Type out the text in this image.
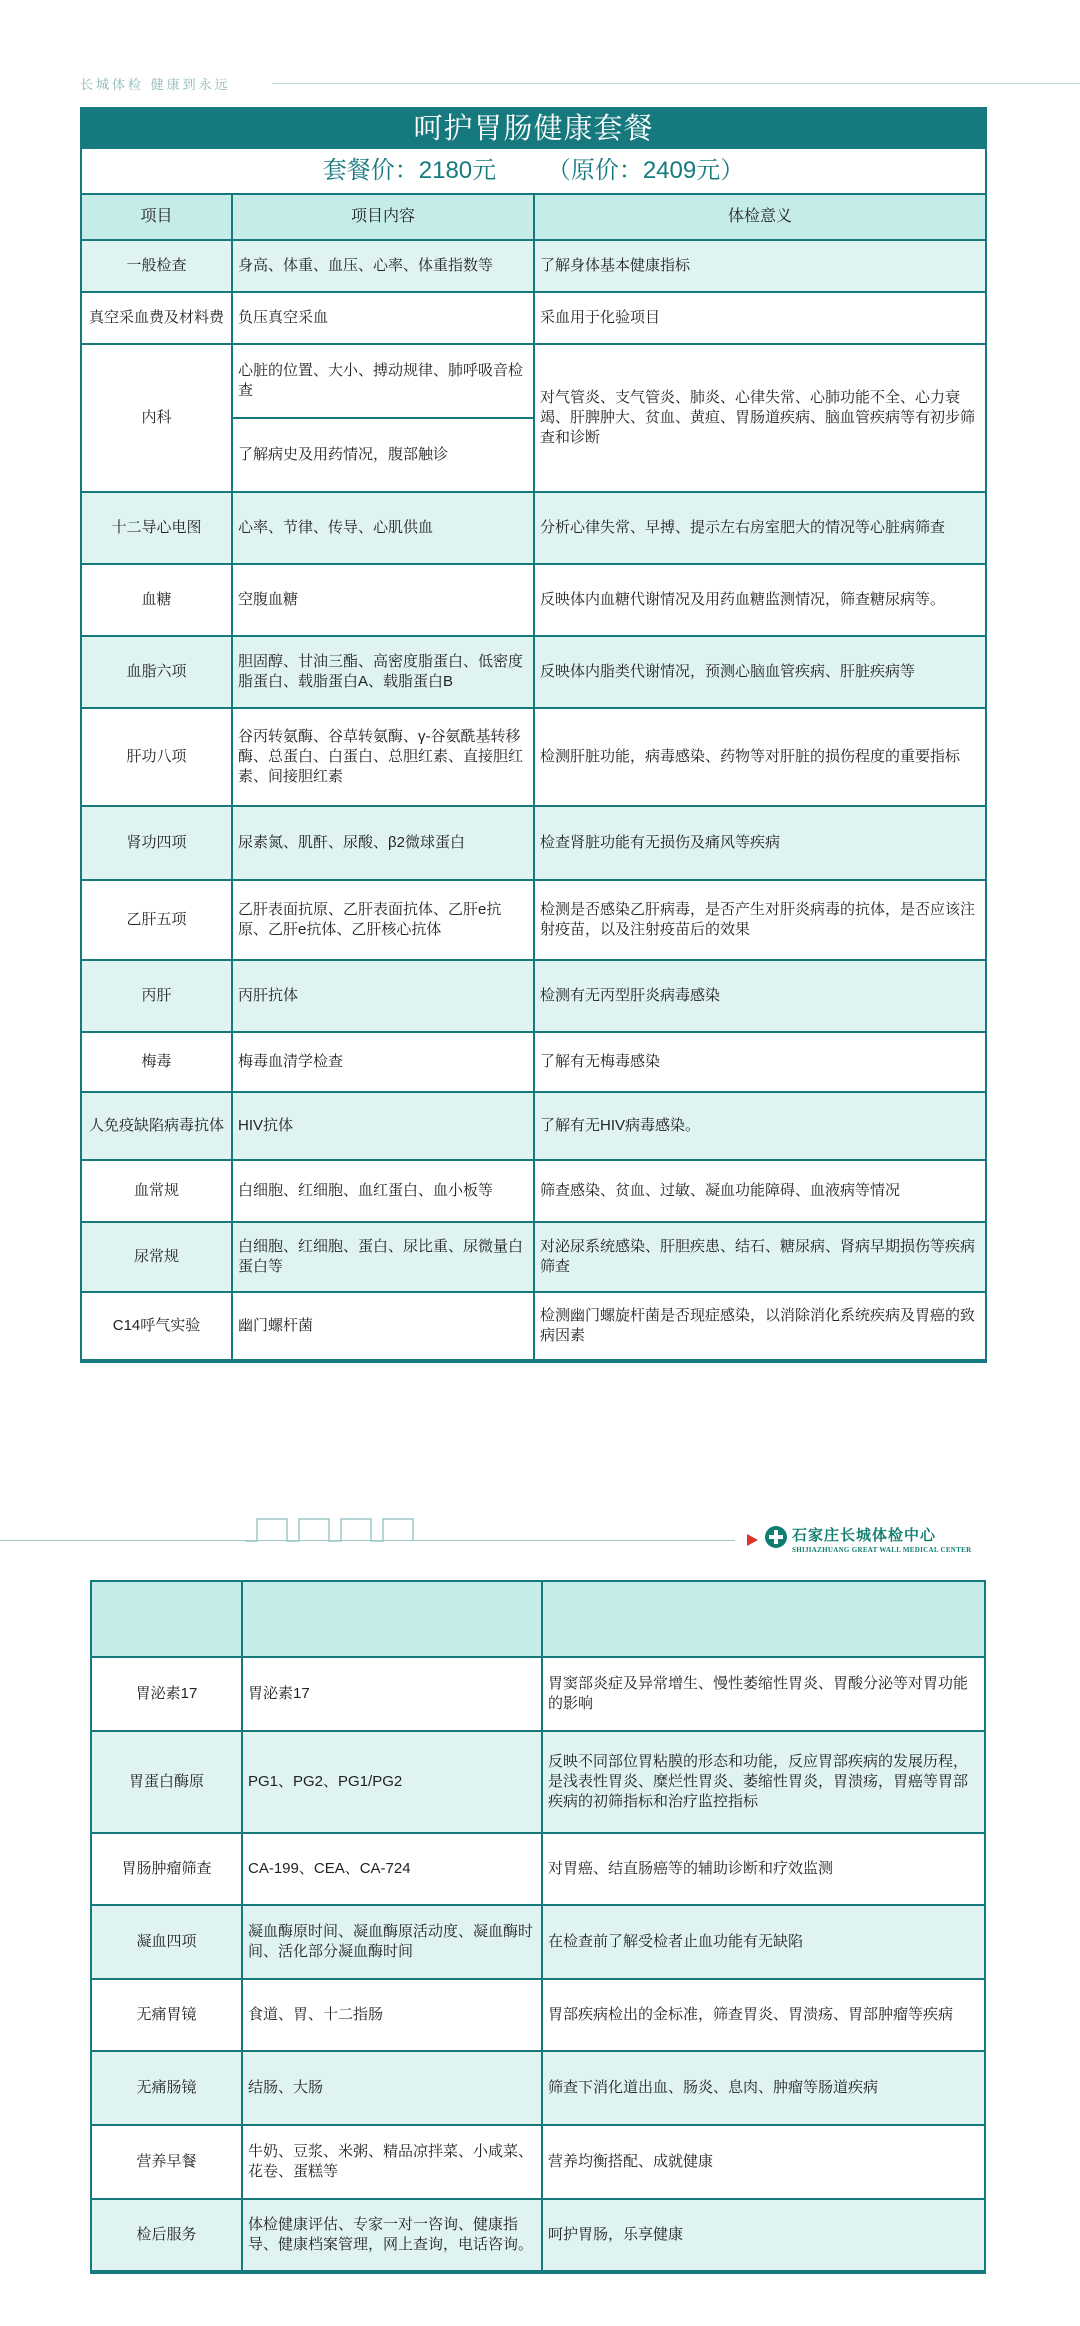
长城体检 健康到永远
呵护胃肠健康套餐
套餐价：2180元 （原价：2409元）
项目	项目内容	体检意义
一般检查	身高、体重、血压、心率、体重指数等	了解身体基本健康指标
真空采血费及材料费	负压真空采血	采血用于化验项目
内科	心脏的位置、大小、搏动规律、肺呼吸音检查	对气管炎、支气管炎、肺炎、心律失常、心肺功能不全、心力衰竭、肝脾肿大、贫血、黄疸、胃肠道疾病、脑血管疾病等有初步筛查和诊断
	了解病史及用药情况，腹部触诊	
十二导心电图	心率、节律、传导、心肌供血	分析心律失常、早搏、提示左右房室肥大的情况等心脏病筛查
血糖	空腹血糖	反映体内血糖代谢情况及用药血糖监测情况，筛查糖尿病等。
血脂六项	胆固醇、甘油三酯、高密度脂蛋白、低密度脂蛋白、载脂蛋白A、载脂蛋白B	反映体内脂类代谢情况，预测心脑血管疾病、肝脏疾病等
肝功八项	谷丙转氨酶、谷草转氨酶、γ-谷氨酰基转移酶、总蛋白、白蛋白、总胆红素、直接胆红素、间接胆红素	检测肝脏功能，病毒感染、药物等对肝脏的损伤程度的重要指标
肾功四项	尿素氮、肌酐、尿酸、β2微球蛋白	检查肾脏功能有无损伤及痛风等疾病
乙肝五项	乙肝表面抗原、乙肝表面抗体、乙肝e抗原、乙肝e抗体、乙肝核心抗体	检测是否感染乙肝病毒，是否产生对肝炎病毒的抗体，是否应该注射疫苗，以及注射疫苗后的效果
丙肝	丙肝抗体	检测有无丙型肝炎病毒感染
梅毒	梅毒血清学检查	了解有无梅毒感染
人免疫缺陷病毒抗体	HIV抗体	了解有无HIV病毒感染。
血常规	白细胞、红细胞、血红蛋白、血小板等	筛查感染、贫血、过敏、凝血功能障碍、血液病等情况
尿常规	白细胞、红细胞、蛋白、尿比重、尿微量白蛋白等	对泌尿系统感染、肝胆疾患、结石、糖尿病、肾病早期损伤等疾病筛查
C14呼气实验	幽门螺杆菌	检测幽门螺旋杆菌是否现症感染，以消除消化系统疾病及胃癌的致病因素
石家庄长城体检中心
SHIJIAZHUANG GREAT WALL MEDICAL CENTER

胃泌素17	胃泌素17	胃窦部炎症及异常增生、慢性萎缩性胃炎、胃酸分泌等对胃功能的影响
胃蛋白酶原	PG1、PG2、PG1/PG2	反映不同部位胃粘膜的形态和功能，反应胃部疾病的发展历程，是浅表性胃炎、糜烂性胃炎、萎缩性胃炎，胃溃疡，胃癌等胃部疾病的初筛指标和治疗监控指标
胃肠肿瘤筛查	CA-199、CEA、CA-724	对胃癌、结直肠癌等的辅助诊断和疗效监测
凝血四项	凝血酶原时间、凝血酶原活动度、凝血酶时间、活化部分凝血酶时间	在检查前了解受检者止血功能有无缺陷
无痛胃镜	食道、胃、十二指肠	胃部疾病检出的金标准，筛查胃炎、胃溃疡、胃部肿瘤等疾病
无痛肠镜	结肠、大肠	筛查下消化道出血、肠炎、息肉、肿瘤等肠道疾病
营养早餐	牛奶、豆浆、米粥、精品凉拌菜、小咸菜、花卷、蛋糕等	营养均衡搭配、成就健康
检后服务	体检健康评估、专家一对一咨询、健康指导、健康档案管理，网上查询，电话咨询。	呵护胃肠，乐享健康
